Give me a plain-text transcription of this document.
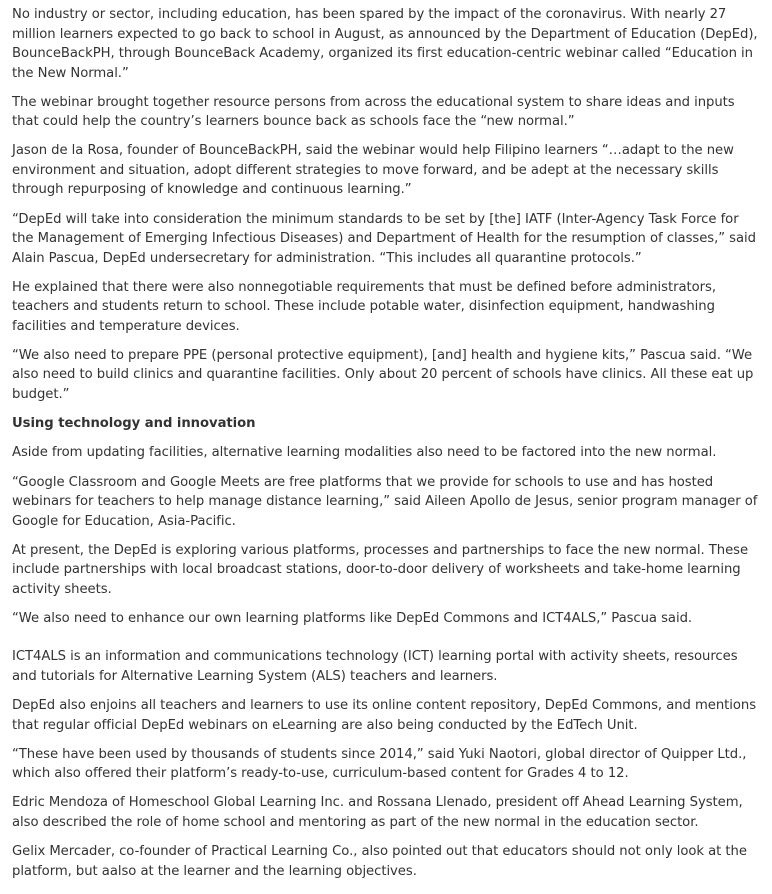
No industry or sector, including education, has been spared by the impact of the coronavirus. With nearly 27 million learners expected to go back to school in August, as announced by the Department of Education (DepEd), BounceBackPH, through BounceBack Academy, organized its first education-centric webinar called “Education in the New Normal.”

The webinar brought together resource persons from across the educational system to share ideas and inputs that could help the country’s learners bounce back as schools face the “new normal.”

Jason de la Rosa, founder of BounceBackPH, said the webinar would help Filipino learners “…adapt to the new environment and situation, adopt different strategies to move forward, and be adept at the necessary skills through repurposing of knowledge and continuous learning.”

“DepEd will take into consideration the minimum standards to be set by [the] IATF (Inter-Agency Task Force for the Management of Emerging Infectious Diseases) and Department of Health for the resumption of classes,” said Alain Pascua, DepEd undersecretary for administration. “This includes all quarantine protocols.”

He explained that there were also nonnegotiable requirements that must be defined before administrators, teachers and students return to school. These include potable water, disinfection equipment, handwashing facilities and temperature devices.

“We also need to prepare PPE (personal protective equipment), [and] health and hygiene kits,” Pascua said. “We also need to build clinics and quarantine facilities. Only about 20 percent of schools have clinics. All these eat up budget.”

Using technology and innovation

Aside from updating facilities, alternative learning modalities also need to be factored into the new normal.

“Google Classroom and Google Meets are free platforms that we provide for schools to use and has hosted webinars for teachers to help manage distance learning,” said Aileen Apollo de Jesus, senior program manager of Google for Education, Asia-Pacific.

At present, the DepEd is exploring various platforms, processes and partnerships to face the new normal. These include partnerships with local broadcast stations, door-to-door delivery of worksheets and take-home learning activity sheets.

“We also need to enhance our own learning platforms like DepEd Commons and ICT4ALS,” Pascua said.

ICT4ALS is an information and communications technology (ICT) learning portal with activity sheets, resources and tutorials for Alternative Learning System (ALS) teachers and learners.

DepEd also enjoins all teachers and learners to use its online content repository, DepEd Commons, and mentions that regular official DepEd webinars on eLearning are also being conducted by the EdTech Unit.

“These have been used by thousands of students since 2014,” said Yuki Naotori, global director of Quipper Ltd., which also offered their platform’s ready-to-use, curriculum-based content for Grades 4 to 12.

Edric Mendoza of Homeschool Global Learning Inc. and Rossana Llenado, president off Ahead Learning System, also described the role of home school and mentoring as part of the new normal in the education sector.

Gelix Mercader, co-founder of Practical Learning Co., also pointed out that educators should not only look at the platform, but aalso at the learner and the learning objectives.
